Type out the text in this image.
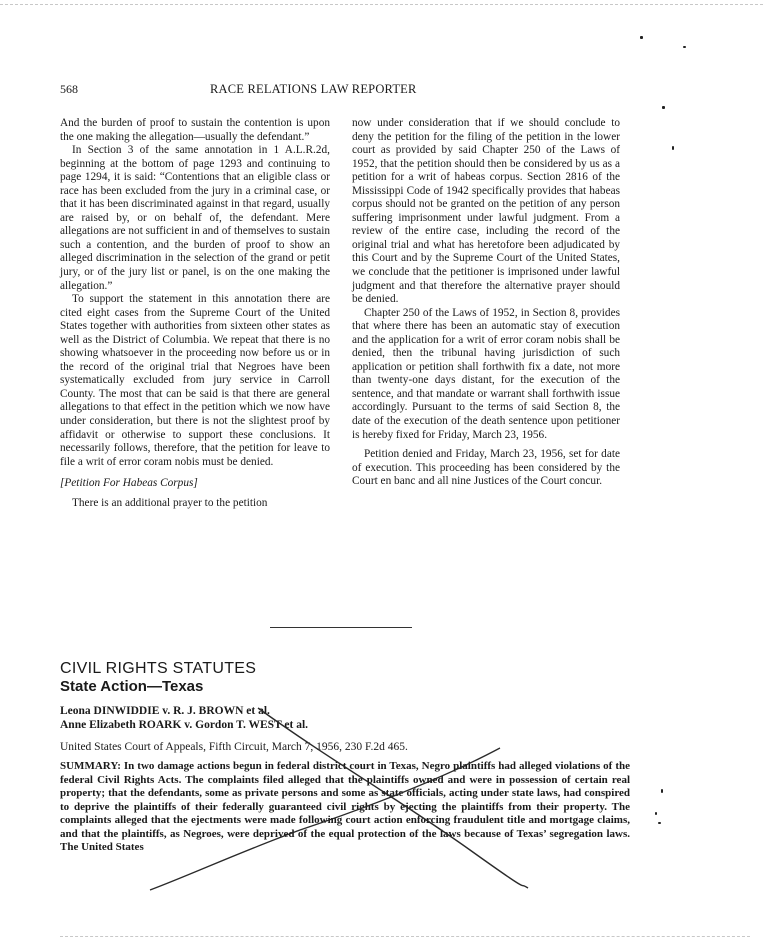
568	RACE RELATIONS LAW REPORTER

And the burden of proof to sustain the contention is upon the one making the allegation—usually the defendant.”

In Section 3 of the same annotation in 1 A.L.R.2d, beginning at the bottom of page 1293 and continuing to page 1294, it is said: “Contentions that an eligible class or race has been excluded from the jury in a criminal case, or that it has been discriminated against in that regard, usually are raised by, or on behalf of, the defendant. Mere allegations are not sufficient in and of themselves to sustain such a contention, and the burden of proof to show an alleged discrimination in the selection of the grand or petit jury, or of the jury list or panel, is on the one making the allegation.”

To support the statement in this annotation there are cited eight cases from the Supreme Court of the United States together with authorities from sixteen other states as well as the District of Columbia. We repeat that there is no showing whatsoever in the proceeding now before us or in the record of the original trial that Negroes have been systematically excluded from jury service in Carroll County. The most that can be said is that there are general allegations to that effect in the petition which we now have under consideration, but there is not the slightest proof by affidavit or otherwise to support these conclusions. It necessarily follows, therefore, that the petition for leave to file a writ of error coram nobis must be denied.

[Petition For Habeas Corpus]

There is an additional prayer to the petition

now under consideration that if we should conclude to deny the petition for the filing of the petition in the lower court as provided by said Chapter 250 of the Laws of 1952, that the petition should then be considered by us as a petition for a writ of habeas corpus. Section 2816 of the Mississippi Code of 1942 specifically provides that habeas corpus should not be granted on the petition of any person suffering imprisonment under lawful judgment. From a review of the entire case, including the record of the original trial and what has heretofore been adjudicated by this Court and by the Supreme Court of the United States, we conclude that the petitioner is imprisoned under lawful judgment and that therefore the alternative prayer should be denied.

Chapter 250 of the Laws of 1952, in Section 8, provides that where there has been an automatic stay of execution and the application for a writ of error coram nobis shall be denied, then the tribunal having jurisdiction of such application or petition shall forthwith fix a date, not more than twenty-one days distant, for the execution of the sentence, and that mandate or warrant shall forthwith issue accordingly. Pursuant to the terms of said Section 8, the date of the execution of the death sentence upon petitioner is hereby fixed for Friday, March 23, 1956.

Petition denied and Friday, March 23, 1956, set for date of execution. This proceeding has been considered by the Court en banc and all nine Justices of the Court concur.

CIVIL RIGHTS STATUTES
State Action—Texas
Leona DINWIDDIE v. R. J. BROWN et al.
Anne Elizabeth ROARK v. Gordon T. WEST et al.
United States Court of Appeals, Fifth Circuit, March 7, 1956, 230 F.2d 465.
SUMMARY: In two damage actions begun in federal district court in Texas, Negro plaintiffs had alleged violations of the federal Civil Rights Acts. The complaints filed alleged that the plaintiffs owned and were in possession of certain real property; that the defendants, some as private persons and some as state officials, acting under state laws, had conspired to deprive the plaintiffs of their federally guaranteed civil rights by ejecting the plaintiffs from their property. The complaints alleged that the ejectments were made following court action enforcing fraudulent title and mortgage claims, and that the plaintiffs, as Negroes, were deprived of the equal protection of the laws because of Texas’ segregation laws. The United States
